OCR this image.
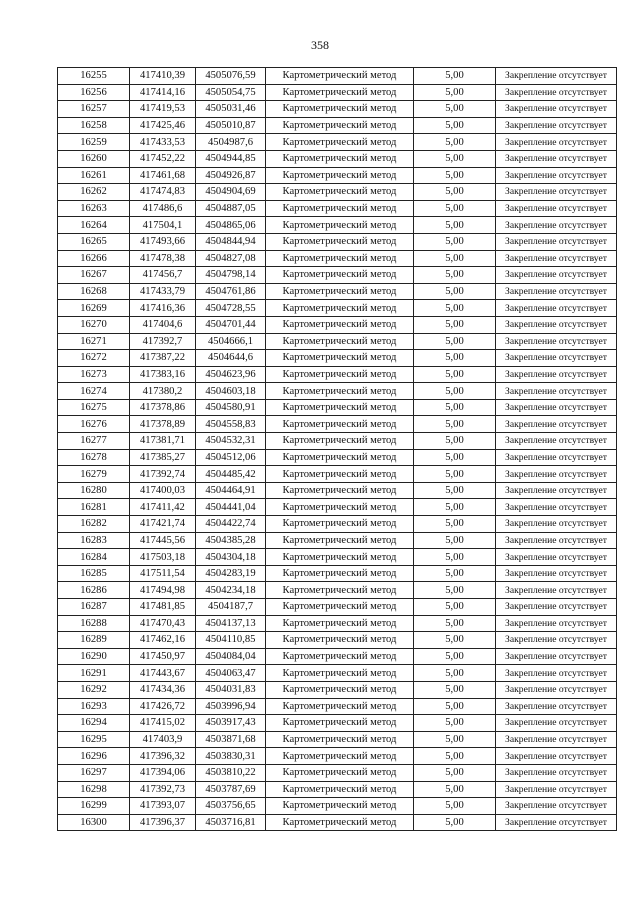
358
16255	417410,39	4505076,59	Картометрический метод	5,00	Закрепление отсутствует
16256	417414,16	4505054,75	Картометрический метод	5,00	Закрепление отсутствует
16257	417419,53	4505031,46	Картометрический метод	5,00	Закрепление отсутствует
16258	417425,46	4505010,87	Картометрический метод	5,00	Закрепление отсутствует
16259	417433,53	4504987,6	Картометрический метод	5,00	Закрепление отсутствует
16260	417452,22	4504944,85	Картометрический метод	5,00	Закрепление отсутствует
16261	417461,68	4504926,87	Картометрический метод	5,00	Закрепление отсутствует
16262	417474,83	4504904,69	Картометрический метод	5,00	Закрепление отсутствует
16263	417486,6	4504887,05	Картометрический метод	5,00	Закрепление отсутствует
16264	417504,1	4504865,06	Картометрический метод	5,00	Закрепление отсутствует
16265	417493,66	4504844,94	Картометрический метод	5,00	Закрепление отсутствует
16266	417478,38	4504827,08	Картометрический метод	5,00	Закрепление отсутствует
16267	417456,7	4504798,14	Картометрический метод	5,00	Закрепление отсутствует
16268	417433,79	4504761,86	Картометрический метод	5,00	Закрепление отсутствует
16269	417416,36	4504728,55	Картометрический метод	5,00	Закрепление отсутствует
16270	417404,6	4504701,44	Картометрический метод	5,00	Закрепление отсутствует
16271	417392,7	4504666,1	Картометрический метод	5,00	Закрепление отсутствует
16272	417387,22	4504644,6	Картометрический метод	5,00	Закрепление отсутствует
16273	417383,16	4504623,96	Картометрический метод	5,00	Закрепление отсутствует
16274	417380,2	4504603,18	Картометрический метод	5,00	Закрепление отсутствует
16275	417378,86	4504580,91	Картометрический метод	5,00	Закрепление отсутствует
16276	417378,89	4504558,83	Картометрический метод	5,00	Закрепление отсутствует
16277	417381,71	4504532,31	Картометрический метод	5,00	Закрепление отсутствует
16278	417385,27	4504512,06	Картометрический метод	5,00	Закрепление отсутствует
16279	417392,74	4504485,42	Картометрический метод	5,00	Закрепление отсутствует
16280	417400,03	4504464,91	Картометрический метод	5,00	Закрепление отсутствует
16281	417411,42	4504441,04	Картометрический метод	5,00	Закрепление отсутствует
16282	417421,74	4504422,74	Картометрический метод	5,00	Закрепление отсутствует
16283	417445,56	4504385,28	Картометрический метод	5,00	Закрепление отсутствует
16284	417503,18	4504304,18	Картометрический метод	5,00	Закрепление отсутствует
16285	417511,54	4504283,19	Картометрический метод	5,00	Закрепление отсутствует
16286	417494,98	4504234,18	Картометрический метод	5,00	Закрепление отсутствует
16287	417481,85	4504187,7	Картометрический метод	5,00	Закрепление отсутствует
16288	417470,43	4504137,13	Картометрический метод	5,00	Закрепление отсутствует
16289	417462,16	4504110,85	Картометрический метод	5,00	Закрепление отсутствует
16290	417450,97	4504084,04	Картометрический метод	5,00	Закрепление отсутствует
16291	417443,67	4504063,47	Картометрический метод	5,00	Закрепление отсутствует
16292	417434,36	4504031,83	Картометрический метод	5,00	Закрепление отсутствует
16293	417426,72	4503996,94	Картометрический метод	5,00	Закрепление отсутствует
16294	417415,02	4503917,43	Картометрический метод	5,00	Закрепление отсутствует
16295	417403,9	4503871,68	Картометрический метод	5,00	Закрепление отсутствует
16296	417396,32	4503830,31	Картометрический метод	5,00	Закрепление отсутствует
16297	417394,06	4503810,22	Картометрический метод	5,00	Закрепление отсутствует
16298	417392,73	4503787,69	Картометрический метод	5,00	Закрепление отсутствует
16299	417393,07	4503756,65	Картометрический метод	5,00	Закрепление отсутствует
16300	417396,37	4503716,81	Картометрический метод	5,00	Закрепление отсутствует
